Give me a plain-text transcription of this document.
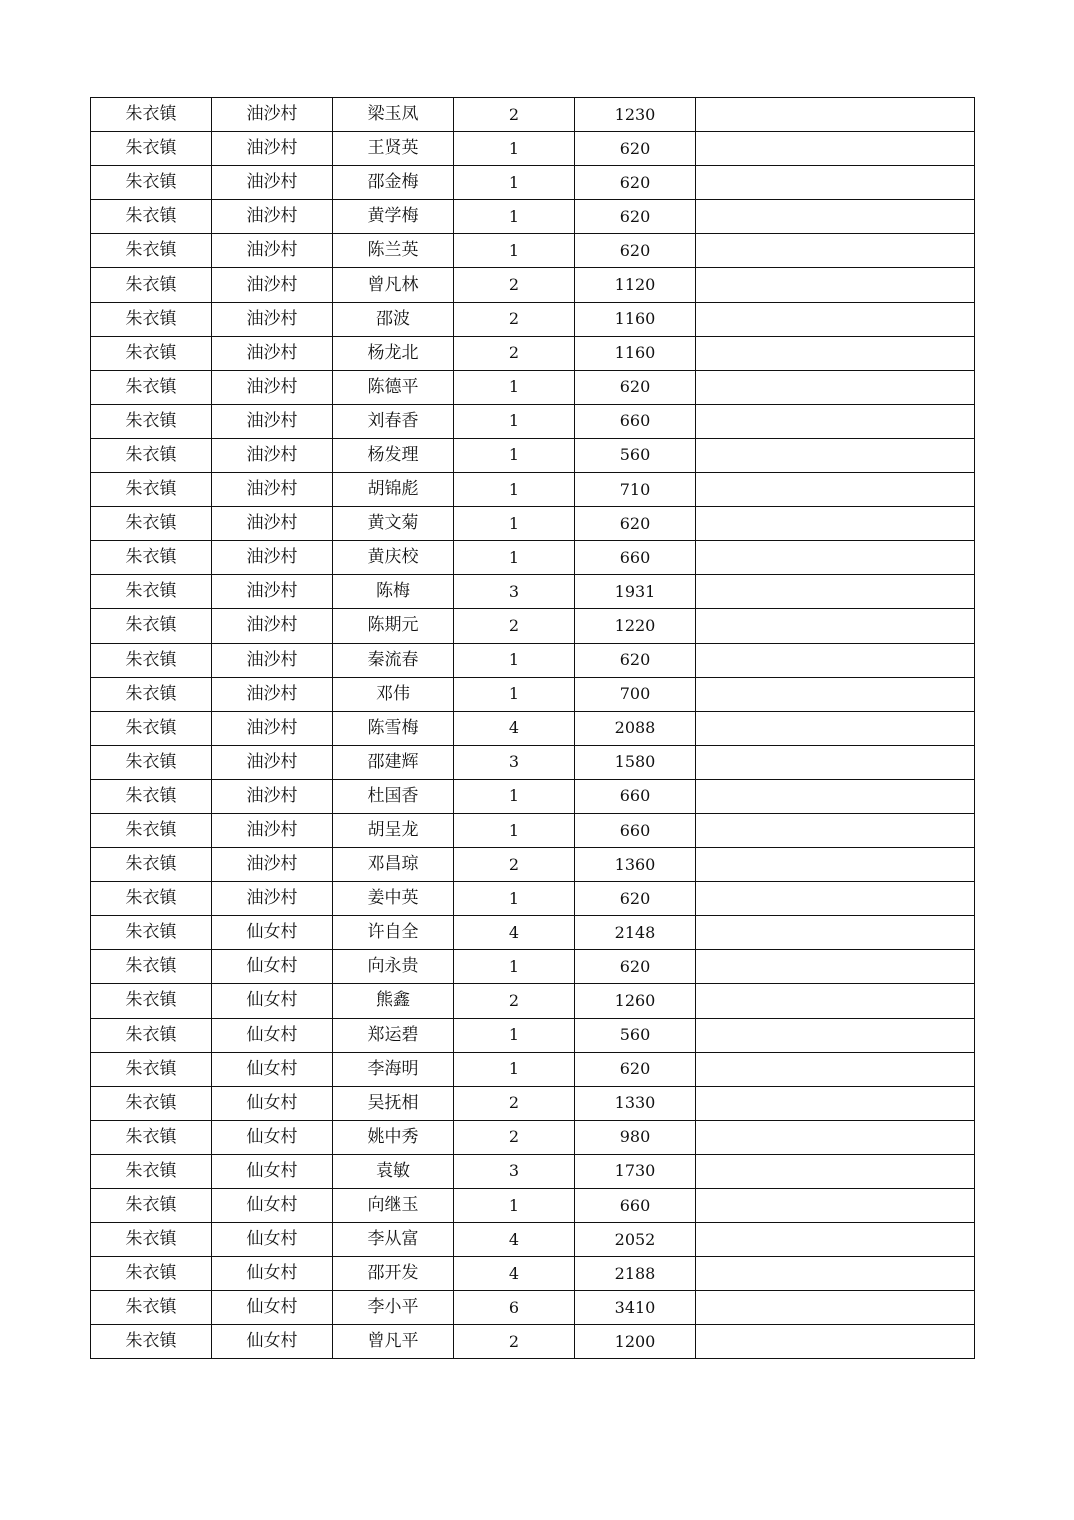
朱衣镇	油沙村	梁玉凤	2	1230	
朱衣镇	油沙村	王贤英	1	620	
朱衣镇	油沙村	邵金梅	1	620	
朱衣镇	油沙村	黄学梅	1	620	
朱衣镇	油沙村	陈兰英	1	620	
朱衣镇	油沙村	曾凡林	2	1120	
朱衣镇	油沙村	邵波	2	1160	
朱衣镇	油沙村	杨龙北	2	1160	
朱衣镇	油沙村	陈德平	1	620	
朱衣镇	油沙村	刘春香	1	660	
朱衣镇	油沙村	杨发理	1	560	
朱衣镇	油沙村	胡锦彪	1	710	
朱衣镇	油沙村	黄文菊	1	620	
朱衣镇	油沙村	黄庆校	1	660	
朱衣镇	油沙村	陈梅	3	1931	
朱衣镇	油沙村	陈期元	2	1220	
朱衣镇	油沙村	秦流春	1	620	
朱衣镇	油沙村	邓伟	1	700	
朱衣镇	油沙村	陈雪梅	4	2088	
朱衣镇	油沙村	邵建辉	3	1580	
朱衣镇	油沙村	杜国香	1	660	
朱衣镇	油沙村	胡呈龙	1	660	
朱衣镇	油沙村	邓昌琼	2	1360	
朱衣镇	油沙村	姜中英	1	620	
朱衣镇	仙女村	许自全	4	2148	
朱衣镇	仙女村	向永贵	1	620	
朱衣镇	仙女村	熊鑫	2	1260	
朱衣镇	仙女村	郑运碧	1	560	
朱衣镇	仙女村	李海明	1	620	
朱衣镇	仙女村	吴抚相	2	1330	
朱衣镇	仙女村	姚中秀	2	980	
朱衣镇	仙女村	袁敏	3	1730	
朱衣镇	仙女村	向继玉	1	660	
朱衣镇	仙女村	李从富	4	2052	
朱衣镇	仙女村	邵开发	4	2188	
朱衣镇	仙女村	李小平	6	3410	
朱衣镇	仙女村	曾凡平	2	1200	
